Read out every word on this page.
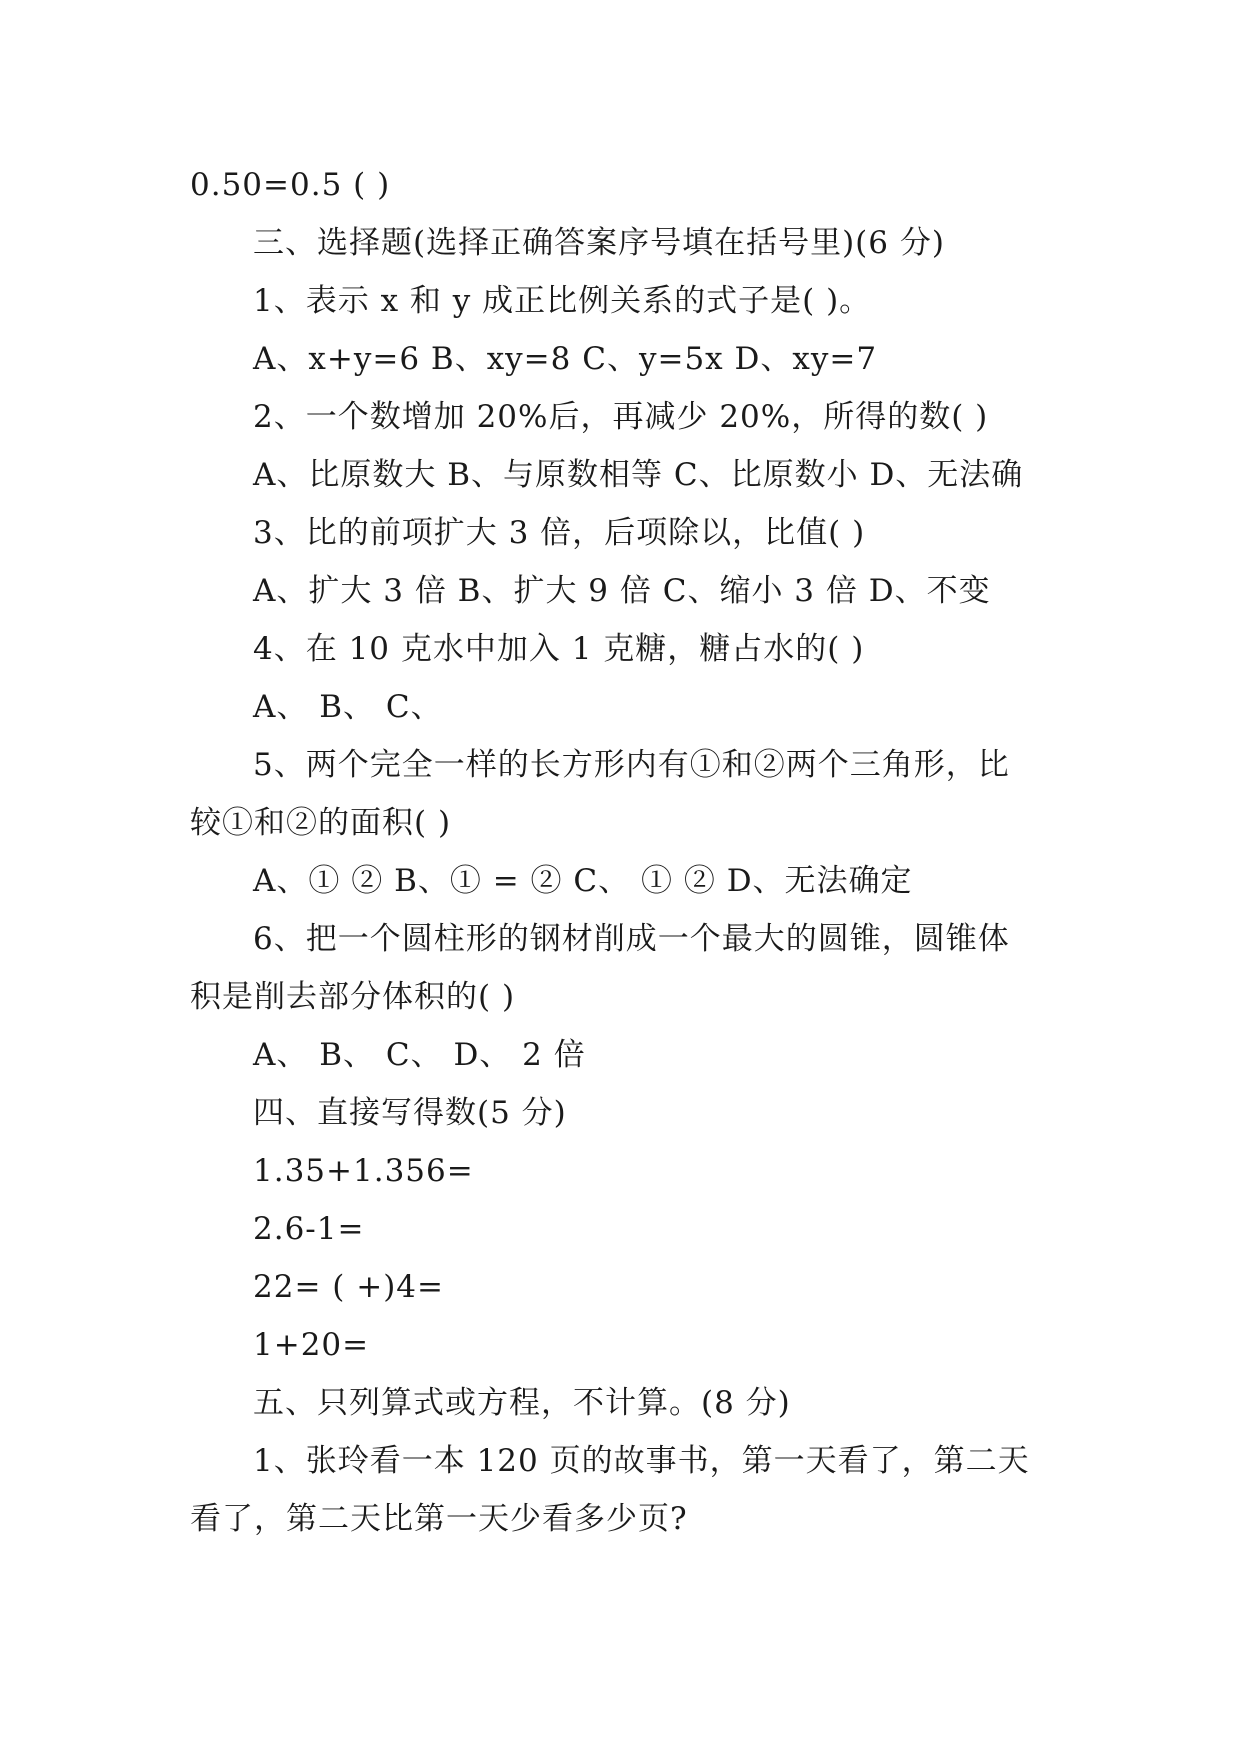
0.50=0.5 ( )
三、选择题(选择正确答案序号填在括号里)(6 分)
1、表示 x 和 y 成正比例关系的式子是( )。
A、x+y=6 B、xy=8 C、y=5x D、xy=7
2、一个数增加 20%后，再减少 20%，所得的数( )
A、比原数大 B、与原数相等 C、比原数小 D、无法确
3、比的前项扩大 3 倍，后项除以，比值( )
A、扩大 3 倍 B、扩大 9 倍 C、缩小 3 倍 D、不变
4、在 10 克水中加入 1 克糖，糖占水的( )
A、 B、 C、
5、两个完全一样的长方形内有①和②两个三角形，比
较①和②的面积( )
A、① ② B、① = ② C、 ① ② D、无法确定
6、把一个圆柱形的钢材削成一个最大的圆锥，圆锥体
积是削去部分体积的( )
A、 B、 C、 D、 2 倍
四、直接写得数(5 分)
1.35+1.356=
2.6-1=
22= ( +)4=
1+20=
五、只列算式或方程，不计算。(8 分)
1、张玲看一本 120 页的故事书，第一天看了，第二天
看了，第二天比第一天少看多少页?
